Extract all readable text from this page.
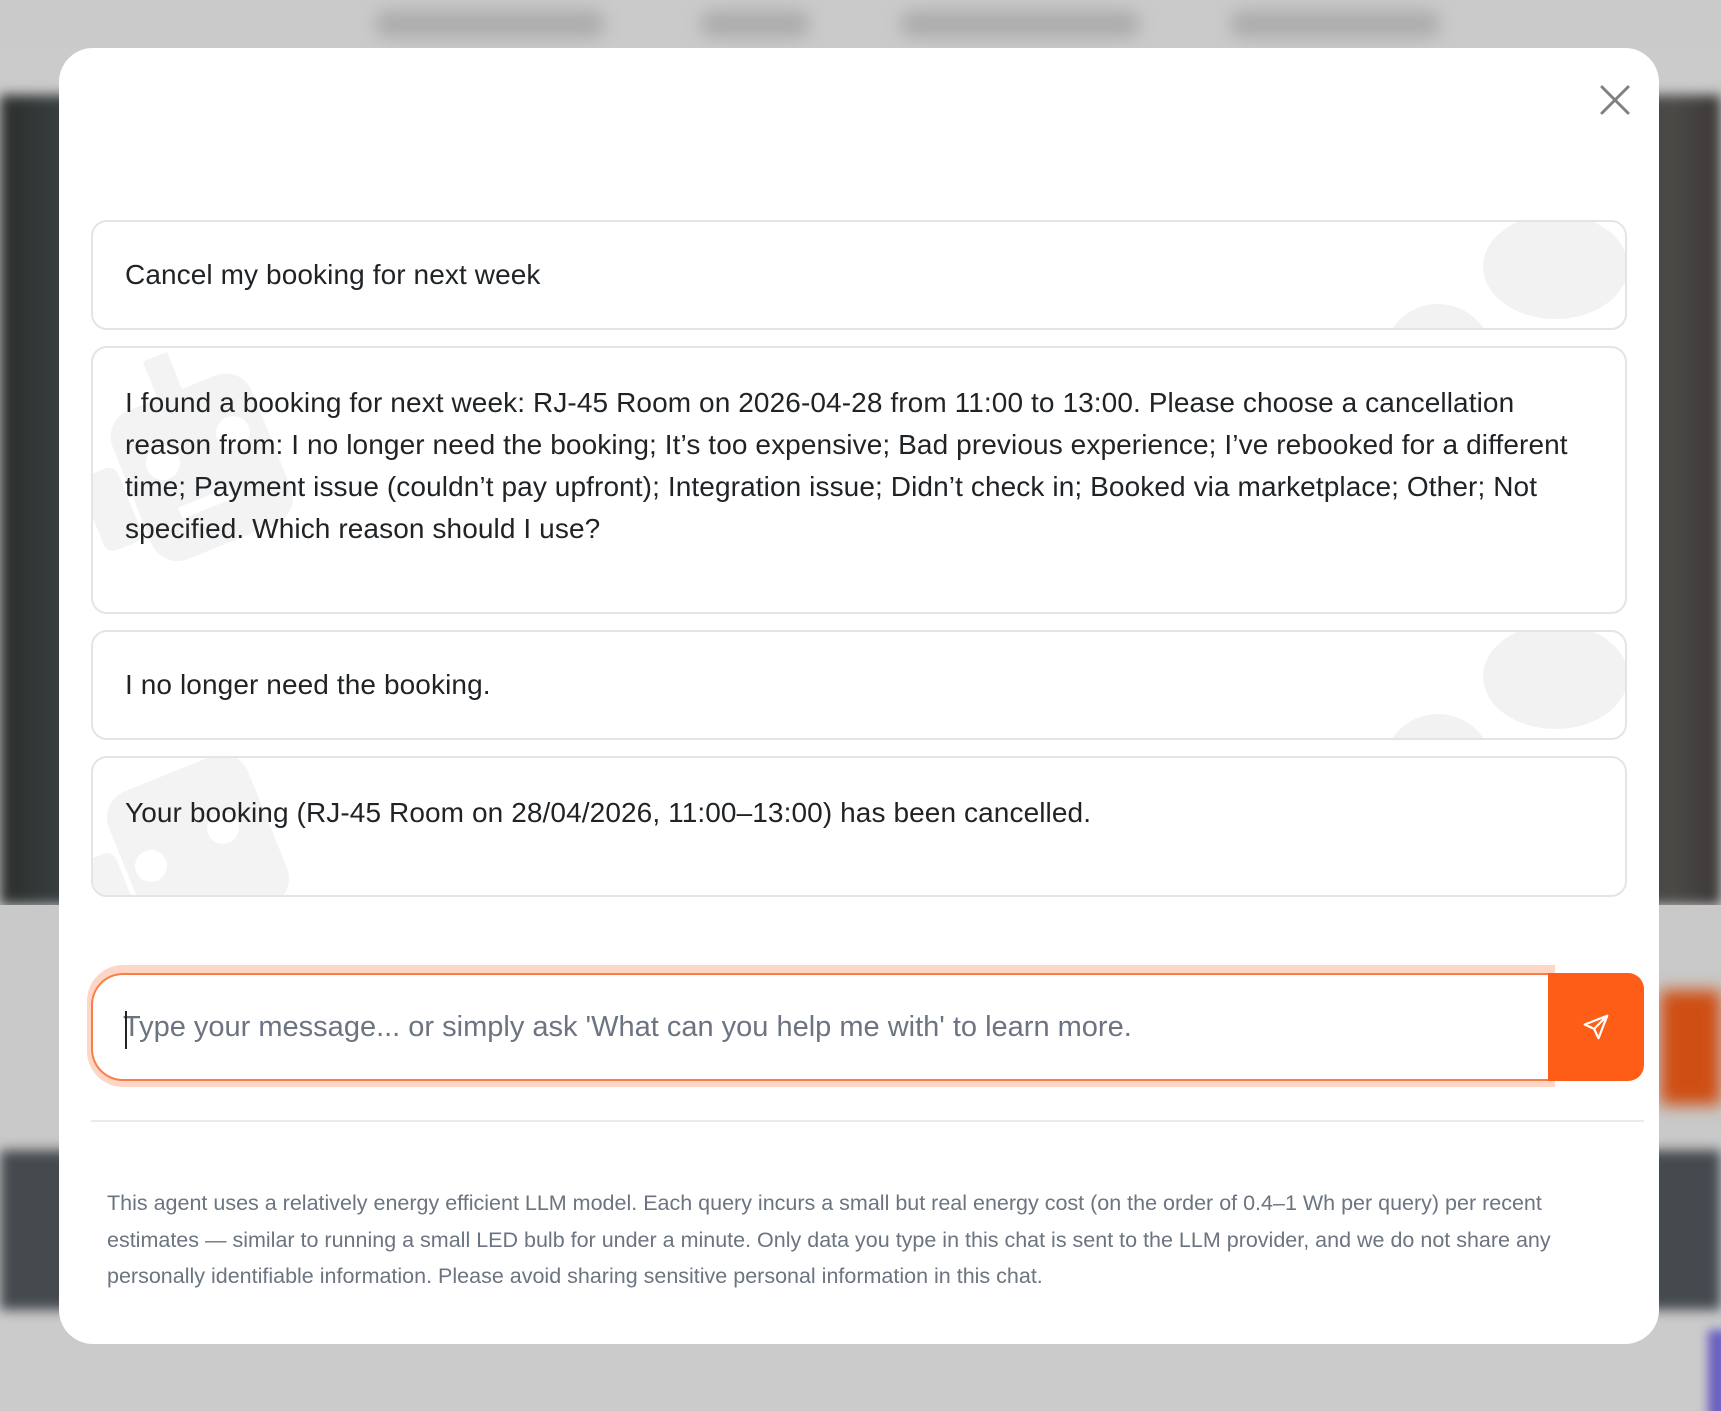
Cancel my booking for next week
I found a booking for next week: RJ-45 Room on 2026-04-28 from 11:00 to 13:00. Please choose a cancellation reason from: I no longer need the booking; It’s too expensive; Bad previous experience; I’ve rebooked for a different time; Payment issue (couldn’t pay upfront); Integration issue; Didn’t check in; Booked via marketplace; Other; Not specified. Which reason should I use?
I no longer need the booking.
Your booking (RJ-45 Room on 28/04/2026, 11:00–13:00) has been cancelled.
Type your message... or simply ask 'What can you help me with' to learn more.
This agent uses a relatively energy efficient LLM model. Each query incurs a small but real energy cost (on the order of 0.4–1 Wh per query) per recent estimates — similar to running a small LED bulb for under a minute. Only data you type in this chat is sent to the LLM provider, and we do not share any personally identifiable information. Please avoid sharing sensitive personal information in this chat.
